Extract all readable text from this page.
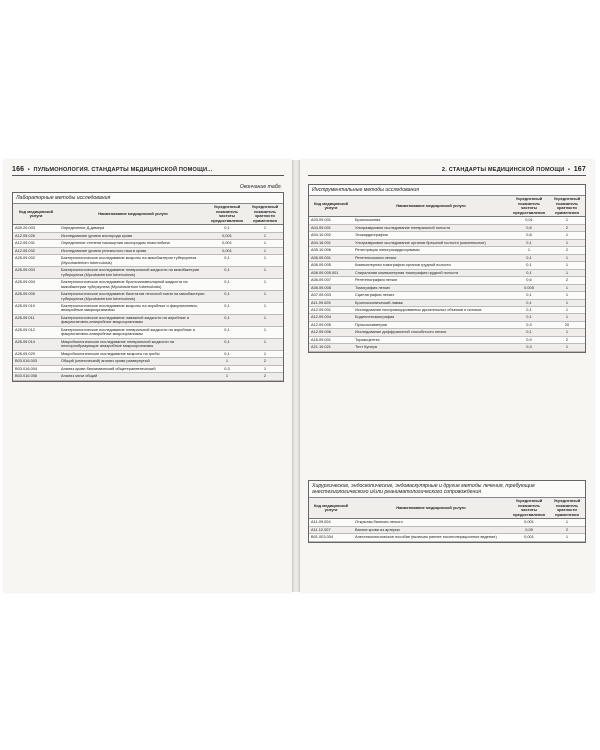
166  •  ПУЛЬМОНОЛОГИЯ. СТАНДАРТЫ МЕДИЦИНСКОЙ ПОМОЩИ...
Окончание табл.
Лабораторные методы исследования
Код медицинской услуги	Наименование медицинской услуги	Усредненный показатель частоты предоставления	Усредненный показатель кратности применения
A09.20.003	Определение Д-димера	0,1	1
A12.05.026	Исследование уровня кислорода крови	0,001	1
A12.05.031	Определение степени насыщения кислородом гемоглобина	0,001	1
A12.05.032	Исследование уровня углекислого газа в крови	0,001	1
A26.09.002	Бактериологическое исследование мокроты на микобактерии туберкулеза (Mycobacterium tuberculosis)	0,1	1
A26.09.003	Бактериологическое исследование плевральной жидкости на микобактерии туберкулеза (Mycobacterium tuberculosis)	0,1	1
A26.09.004	Бактериологическое исследование бронхоальвеолярной жидкости на микобактерии туберкулеза (Mycobacterium tuberculosis)	0,1	1
A26.09.005	Бактериологическое исследование биоптатов легочной ткани на микобактерии туберкулеза (Mycobacterium tuberculosis)	0,1	1
A26.09.010	Бактериологическое исследование мокроты на аэробные и факультативно-анаэробные микроорганизмы	0,1	1
A26.09.011	Бактериологическое исследование лаважной жидкости на аэробные и факультативно-анаэробные микроорганизмы	0,1	1
A26.09.012	Бактериологическое исследование плевральной жидкости на аэробные и факультативно-анаэробные микроорганизмы	0,1	1
A26.09.014	Микробиологическое исследование плевральной жидкости на неспорообразующие анаэробные микроорганизмы	0,1	1
A26.09.029	Микробиологическое исследование мокроты на грибы	0,1	1
B03.016.003	Общий (клинический) анализ крови развернутый	1	2
B03.016.004	Анализ крови биохимический общетерапевтический	0,3	1
B03.016.006	Анализ мочи общий	1	2
2. СТАНДАРТЫ МЕДИЦИНСКОЙ ПОМОЩИ  •  167
Инструментальные методы исследования
Код медицинской услуги	Наименование медицинской услуги	Усредненный показатель частоты предоставления	Усредненный показатель кратности применения
A03.09.001	Бронхоскопия	0,01	1
A04.09.001	Ультразвуковое исследование плевральной полости	0,6	2
A04.10.002	Эхокардиография	0,8	1
A04.16.001	Ультразвуковое исследование органов брюшной полости (комплексное)	0,1	1
A05.10.006	Регистрация электрокардиограммы	1	2
A06.09.001	Рентгеноскопия легких	0,1	1
A06.09.005	Компьютерная томография органов грудной полости	0,1	1
A06.09.005.001	Спиральная компьютерная томография грудной полости	0,1	1
A06.09.007	Рентгенография легких	0,6	2
A06.09.008	Томография легких	0,005	1
A07.09.003	Сцинтиграфия легких	0,1	1
A11.09.005	Бронхоскопический лаваж	0,1	1
A12.09.001	Исследование неспровоцированных дыхательных объемов и потоков	0,1	1
A12.09.004	Бодиплетизмография	0,1	1
A12.09.005	Пульсоксиметрия	0,3	20
A12.09.006	Исследование диффузионной способности легких	0,1	1
A16.09.001	Торакоцентез	0,9	2
A21.10.021	Тест Купера	0,3	1
Хирургические, эндоскопические, эндоваскулярные и другие методы лечения, требующие анестезиологического и/или реаниматологического сопровождения
Код медицинской услуги	Наименование медицинской услуги	Усредненный показатель частоты предоставления	Усредненный показатель кратности применения
A11.09.004	Открытая биопсия легкого	0,001	1
A11.12.007	Взятие крови из артерии	0,05	2
B01.003.004	Анестезиологическое пособие (включая раннее послеоперационное ведение)	0,001	1
